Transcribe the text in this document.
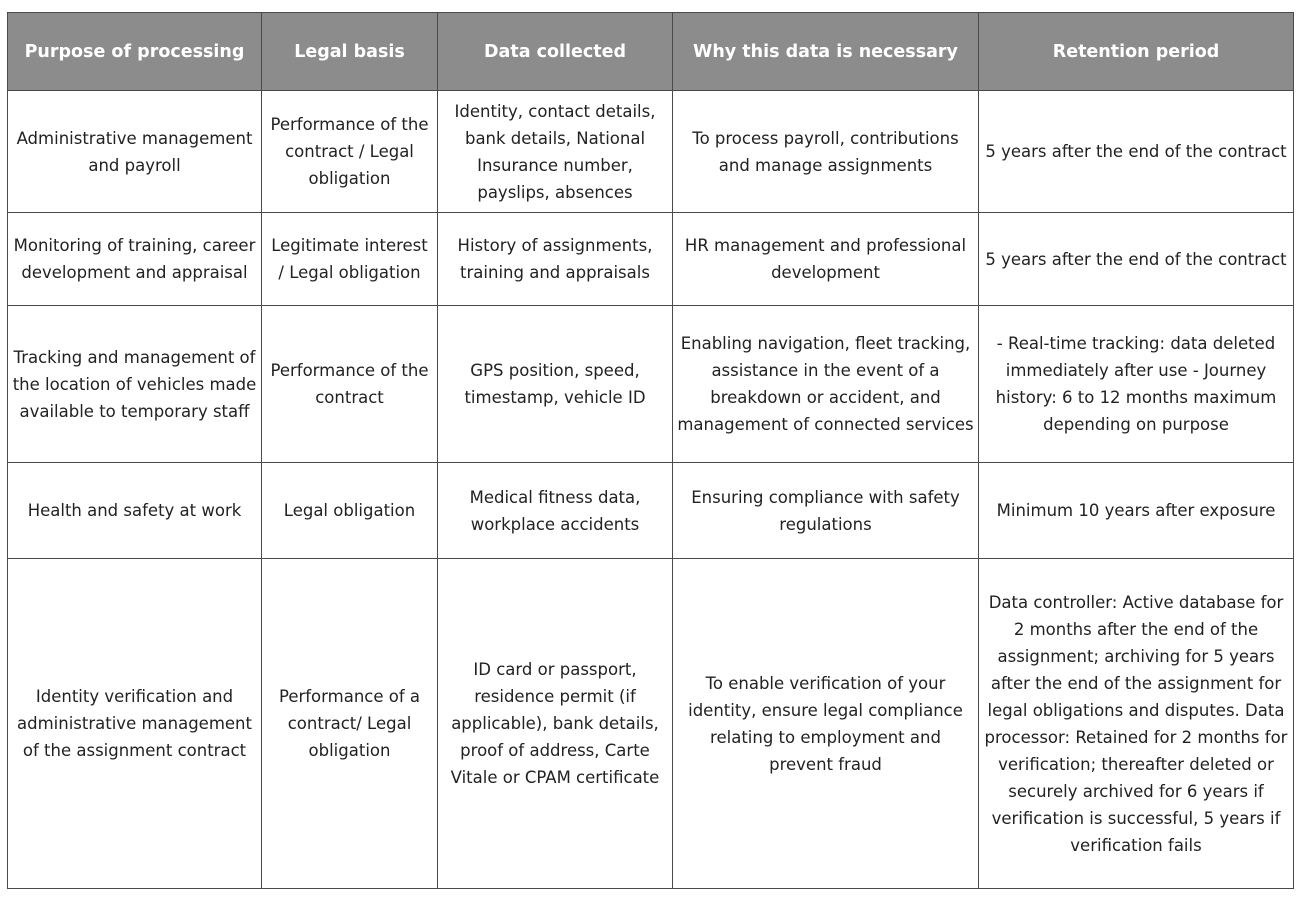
Purpose of processing	Legal basis	Data collected	Why this data is necessary	Retention period
Administrative management and payroll	Performance of the contract / Legal obligation	Identity, contact details, bank details, National Insurance number, payslips, absences	To process payroll, contributions and manage assignments	5 years after the end of the contract
Monitoring of training, career development and appraisal	Legitimate interest / Legal obligation	History of assignments, training and appraisals	HR management and professional development	5 years after the end of the contract
Tracking and management of the location of vehicles made available to temporary staff	Performance of the contract	GPS position, speed, timestamp, vehicle ID	Enabling navigation, fleet tracking, assistance in the event of a breakdown or accident, and management of connected services	- Real-time tracking: data deleted immediately after use - Journey history: 6 to 12 months maximum depending on purpose
Health and safety at work	Legal obligation	Medical fitness data, workplace accidents	Ensuring compliance with safety regulations	Minimum 10 years after exposure
Identity verification and administrative management of the assignment contract	Performance of a contract/ Legal obligation	ID card or passport, residence permit (if applicable), bank details, proof of address, Carte Vitale or CPAM certificate	To enable verification of your identity, ensure legal compliance relating to employment and prevent fraud	Data controller: Active database for 2 months after the end of the assignment; archiving for 5 years after the end of the assignment for legal obligations and disputes. Data processor: Retained for 2 months for verification; thereafter deleted or securely archived for 6 years if verification is successful, 5 years if verification fails
